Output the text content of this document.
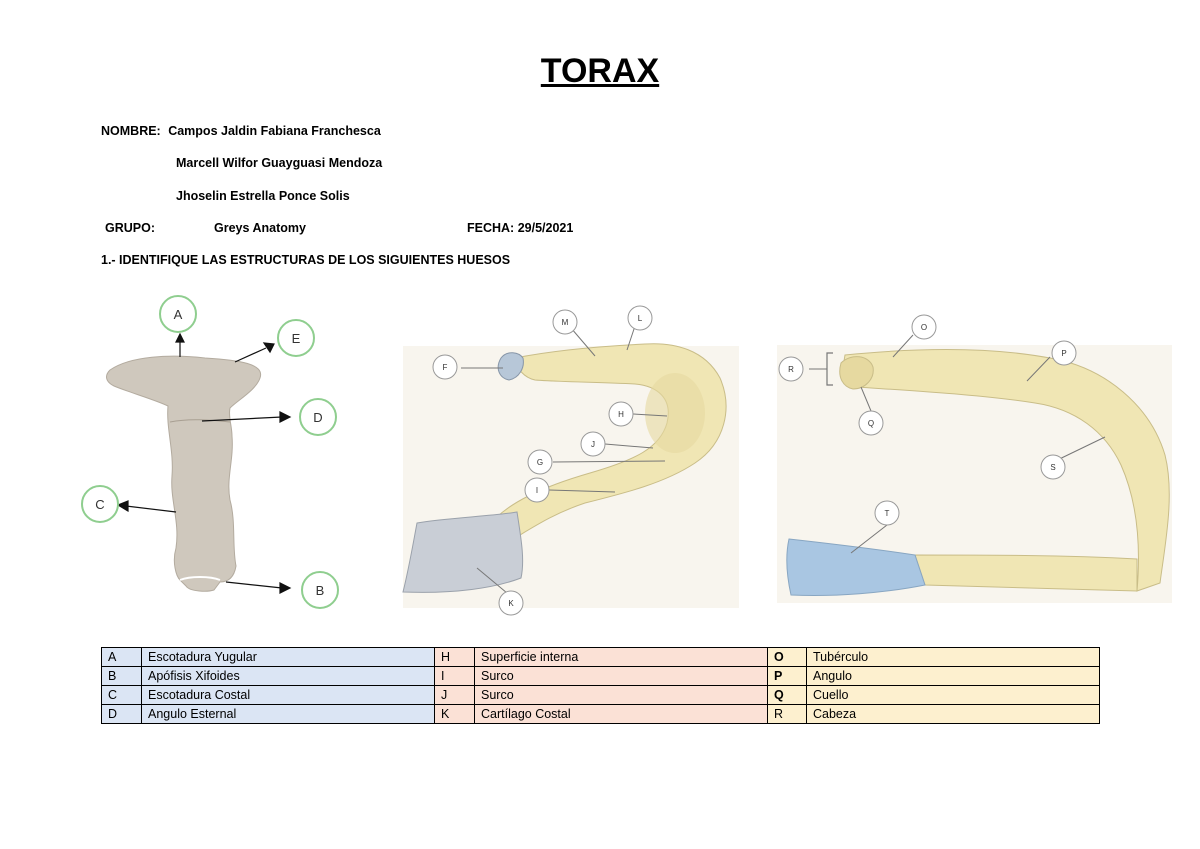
TORAX
NOMBRE: Campos Jaldin Fabiana Franchesca
Marcell Wilfor Guayguasi Mendoza
Jhoselin Estrella Ponce Solis
GRUPO:	Greys Anatomy	FECHA: 29/5/2021
1.- IDENTIFIQUE LAS ESTRUCTURAS DE LOS SIGUIENTES HUESOS
A
E
D
C
B
F
M	L
H
J
G
I
K
R
O
P
Q
S
T
A	Escotadura Yugular	H	Superficie interna	O	Tubérculo
B	Apófisis Xifoides	I	Surco	P	Angulo
C	Escotadura Costal	J	Surco	Q	Cuello
D	Angulo Esternal	K	Cartílago Costal	R	Cabeza
